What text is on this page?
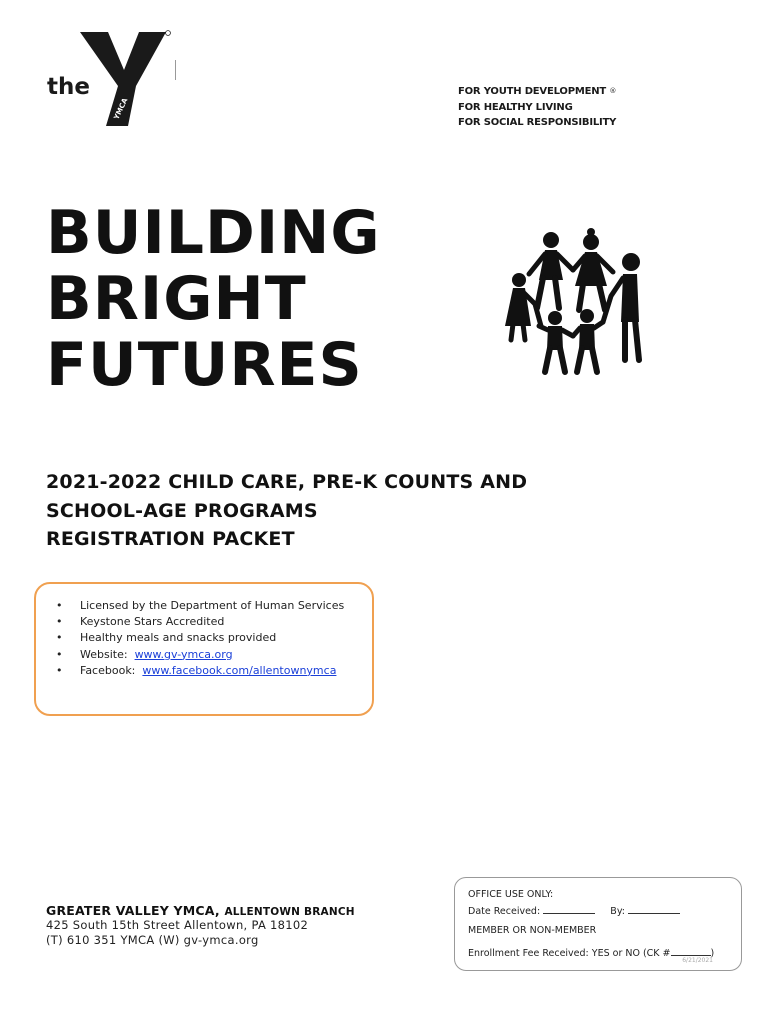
the
YMCA
FOR YOUTH DEVELOPMENT ®
FOR HEALTHY LIVING
FOR SOCIAL RESPONSIBILITY
BUILDING
BRIGHT
FUTURES
2021-2022 CHILD CARE, PRE-K COUNTS AND
SCHOOL-AGE PROGRAMS
REGISTRATION PACKET
• Licensed by the Department of Human Services
• Keystone Stars Accredited
• Healthy meals and snacks provided
• Website: www.gv-ymca.org
• Facebook: www.facebook.com/allentownymca
GREATER VALLEY YMCA, ALLENTOWN BRANCH
425 South 15th Street Allentown, PA 18102
(T) 610 351 YMCA (W) gv-ymca.org
OFFICE USE ONLY:
Date Received:	By:
MEMBER OR NON-MEMBER
Enrollment Fee Received: YES or NO (CK #	)
6/21/2021
